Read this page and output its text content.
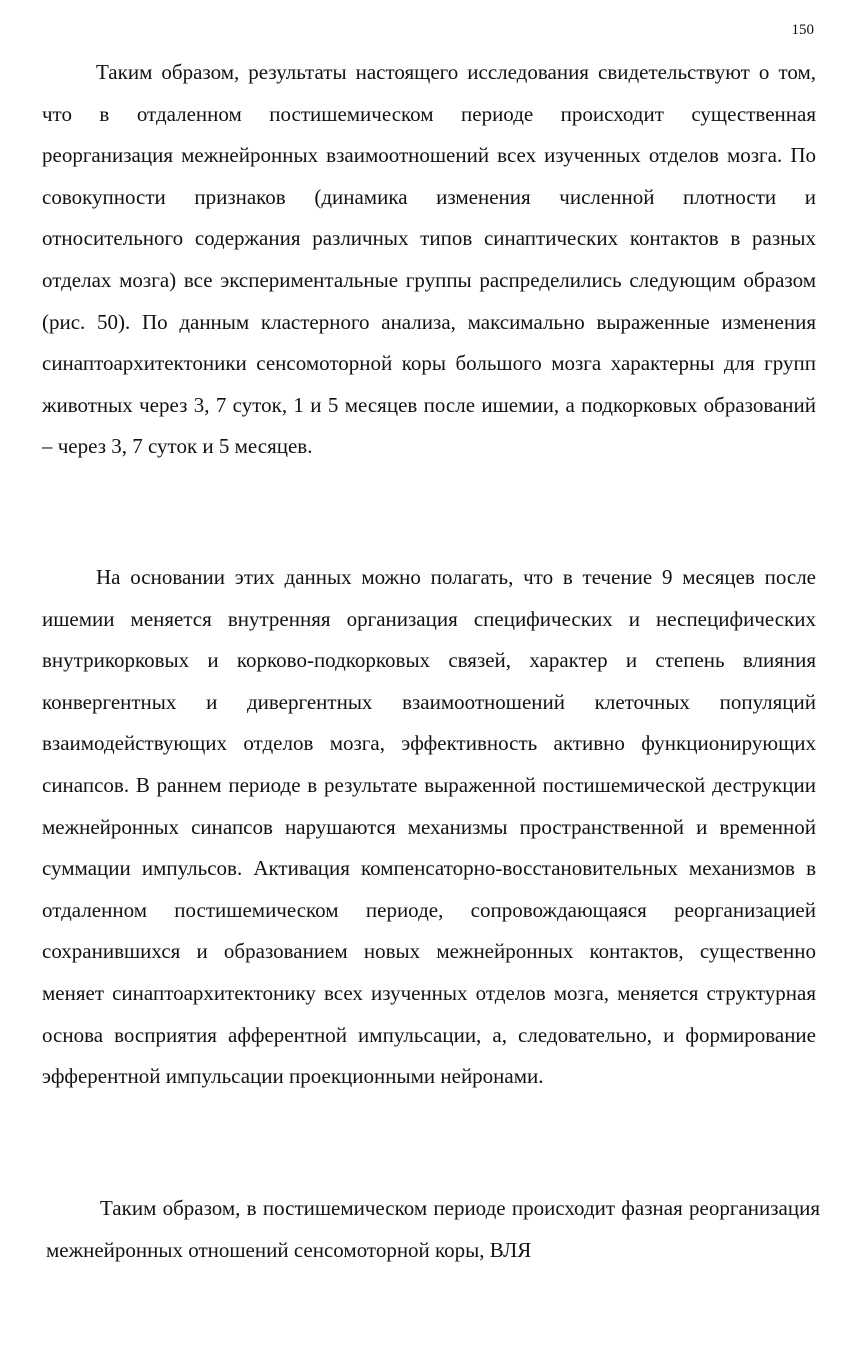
150

Таким образом, результаты настоящего исследования свидетельствуют о том, что в отдаленном постишемическом периоде происходит существенная реорганизация межнейронных взаимоотношений всех изученных отделов мозга. По совокупности признаков (динамика изменения численной плотности и относительного содержания различных типов синаптических контактов в разных отделах мозга) все экспериментальные группы распределились следующим образом (рис. 50). По данным кластерного анализа, максимально выраженные изменения синаптоархитектоники сенсомоторной коры большого мозга характерны для групп животных через 3, 7 суток, 1 и 5 месяцев после ишемии, а подкорковых образований – через 3, 7 суток и 5 месяцев.

На основании этих данных можно полагать, что в течение 9 месяцев после ишемии меняется внутренняя организация специфических и неспецифических внутрикорковых и корково-подкорковых связей, характер и степень влияния конвергентных и дивергентных взаимоотношений клеточных популяций взаимодействующих отделов мозга, эффективность активно функционирующих синапсов. В раннем периоде в результате выраженной постишемической деструкции межнейронных синапсов нарушаются механизмы пространственной и временной суммации импульсов. Активация компенсаторно-восстановительных механизмов в отдаленном постишемическом периоде, сопровождающаяся реорганизацией сохранившихся и образованием новых межнейронных контактов, существенно меняет синаптоархитектонику всех изученных отделов мозга, меняется структурная основа восприятия афферентной импульсации, а, следовательно, и формирование эфферентной импульсации проекционными нейронами.

Таким образом, в постишемическом периоде происходит фазная реорганизация межнейронных отношений сенсомоторной коры, ВЛЯ
